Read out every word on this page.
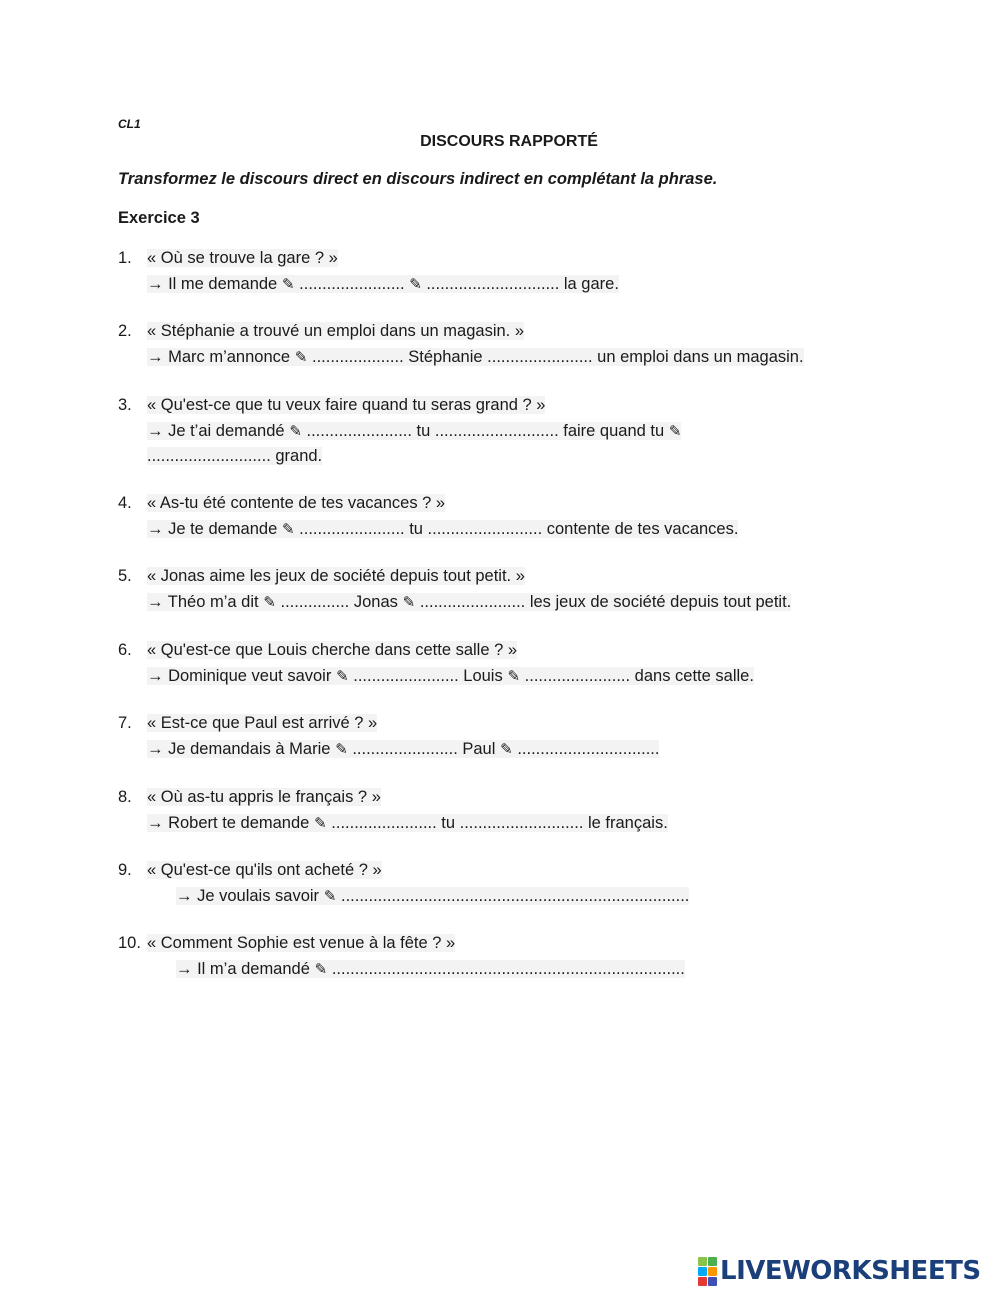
CL1
DISCOURS RAPPORTÉ
Transformez le discours direct en discours indirect en complétant la phrase.
Exercice 3
1. « Où se trouve la gare ? »
→ Il me demande ✎ ....................... ✎ ............................. la gare.
2. « Stéphanie a trouvé un emploi dans un magasin. »
→ Marc m’annonce ✎ .................... Stéphanie ....................... un emploi dans un magasin.
3. « Qu'est-ce que tu veux faire quand tu seras grand ? »
→ Je t’ai demandé ✎ ....................... tu ........................... faire quand tu ✎
........................... grand.
4. « As-tu été contente de tes vacances ? »
→ Je te demande ✎ ....................... tu ......................... contente de tes vacances.
5. « Jonas aime les jeux de société depuis tout petit. »
→ Théo m’a dit ✎ ............... Jonas ✎ ....................... les jeux de société depuis tout petit.
6. « Qu'est-ce que Louis cherche dans cette salle ? »
→ Dominique veut savoir ✎ ....................... Louis ✎ ....................... dans cette salle.
7. « Est-ce que Paul est arrivé ? »
→ Je demandais à Marie ✎ ....................... Paul ✎ ...............................
8. « Où as-tu appris le français ? »
→ Robert te demande ✎ ....................... tu ........................... le français.
9. « Qu'est-ce qu'ils ont acheté ? »
→ Je voulais savoir ✎ ............................................................................
10. « Comment Sophie est venue à la fête ? »
→ Il m’a demandé ✎ .............................................................................
LIVEWORKSHEETS
